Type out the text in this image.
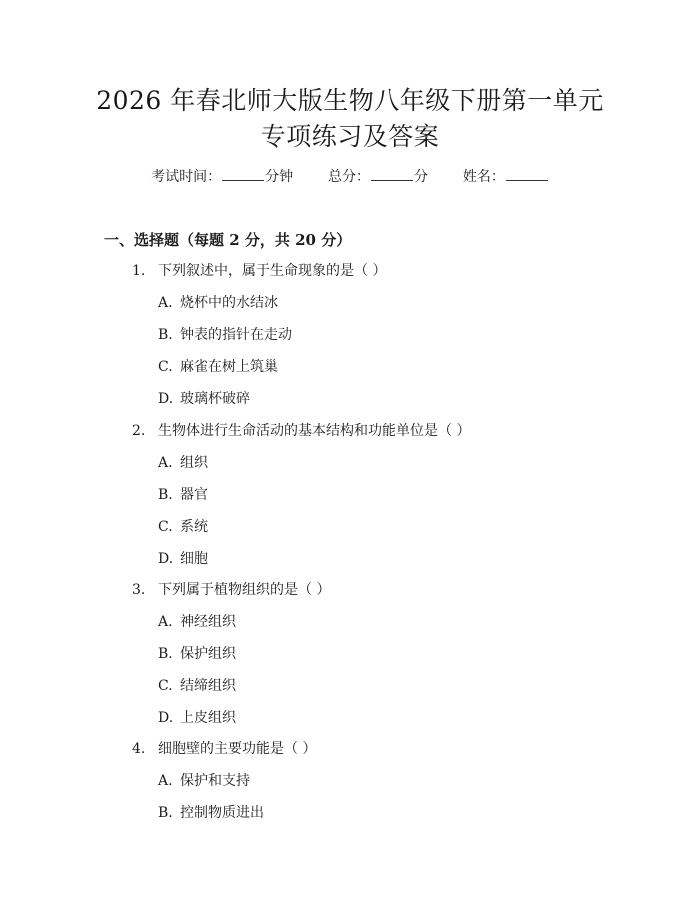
2026 年春北师大版生物八年级下册第一单元
专项练习及答案
考试时间：	分钟 总分：	分 姓名：
一、选择题（每题 2 分，共 20 分）
1. 下列叙述中，属于生命现象的是（ ）
A. 烧杯中的水结冰
B. 钟表的指针在走动
C. 麻雀在树上筑巢
D. 玻璃杯破碎
2. 生物体进行生命活动的基本结构和功能单位是（ ）
A. 组织
B. 器官
C. 系统
D. 细胞
3. 下列属于植物组织的是（ ）
A. 神经组织
B. 保护组织
C. 结缔组织
D. 上皮组织
4. 细胞壁的主要功能是（ ）
A. 保护和支持
B. 控制物质进出
